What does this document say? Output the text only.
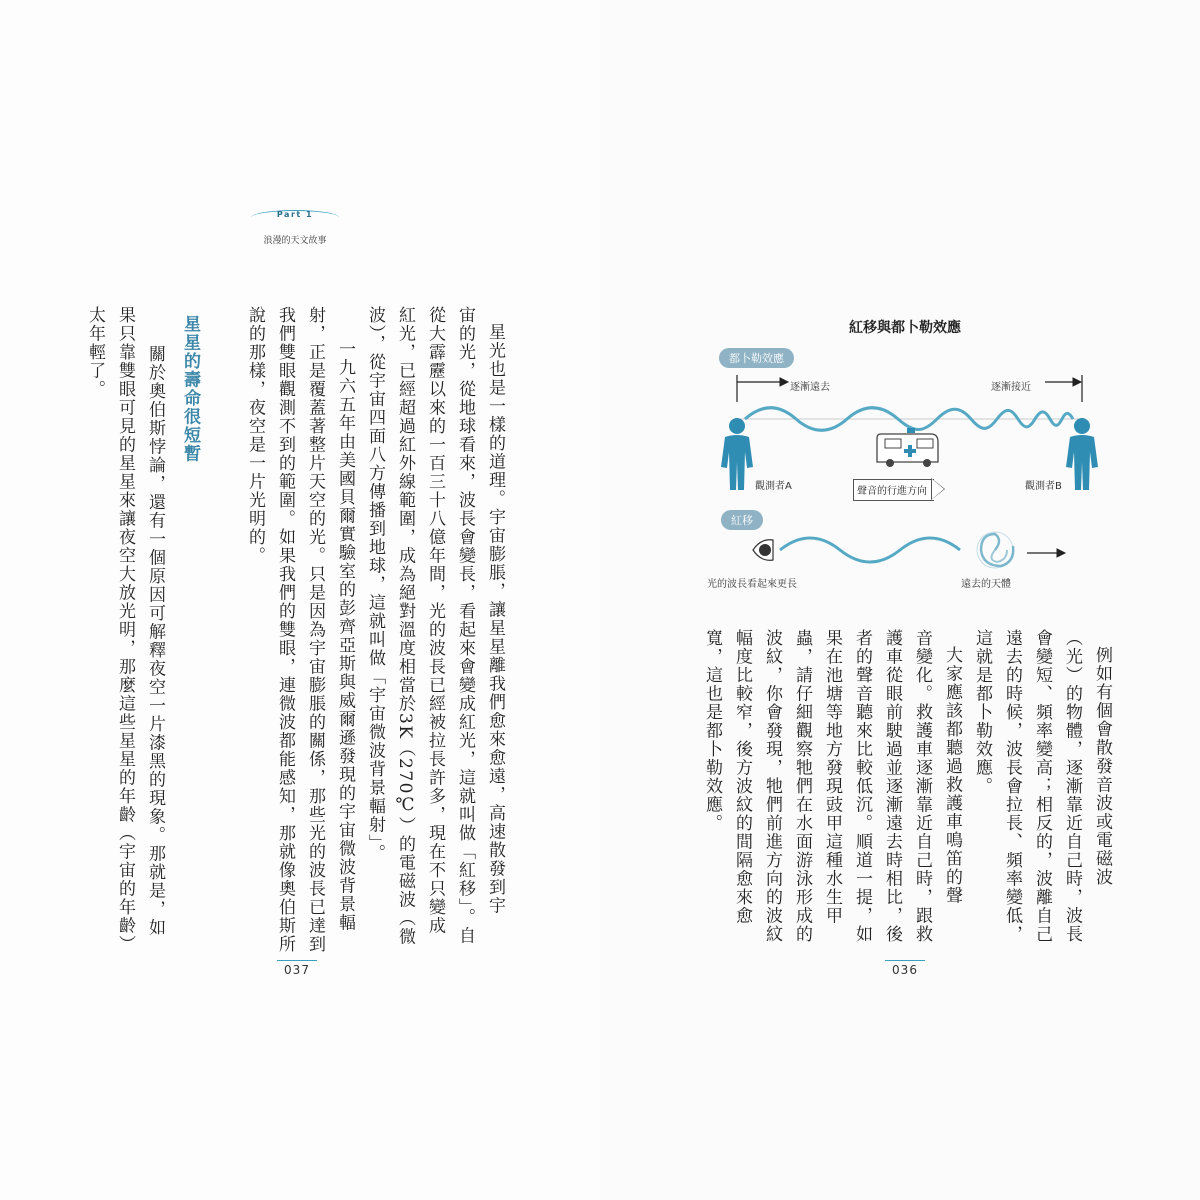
Part 1
浪漫的天文故事
星光也是一樣的道理。宇宙膨脹，讓星星離我們愈來愈遠，高速散發到宇
宙的光，從地球看來，波長會變長，看起來會變成紅光，這就叫做「紅移」。自
從大霹靂以來的一百三十八億年間，光的波長已經被拉長許多，現在不只變成
紅光，已經超過紅外線範圍，成為絕對溫度相當於3K（270℃）的電磁波（微
波），從宇宙四面八方傳播到地球，這就叫做「宇宙微波背景輻射」。
一九六五年由美國貝爾實驗室的彭齊亞斯與威爾遜發現的宇宙微波背景輻
射，正是覆蓋著整片天空的光。只是因為宇宙膨脹的關係，那些光的波長已達到
我們雙眼觀測不到的範圍。如果我們的雙眼，連微波都能感知，那就像奧伯斯所
說的那樣，夜空是一片光明的。
星星的壽命很短暫
關於奧伯斯悖論，還有一個原因可解釋夜空一片漆黑的現象。那就是，如
果只靠雙眼可見的星星來讓夜空大放光明，那麼這些星星的年齡（宇宙的年齡）
太年輕了。
037
例如有個會散發音波或電磁波
（光）的物體，逐漸靠近自己時，波長
會變短、頻率變高；相反的，波離自己
遠去的時候，波長會拉長、頻率變低，
這就是都卜勒效應。
大家應該都聽過救護車鳴笛的聲
音變化。救護車逐漸靠近自己時，跟救
護車從眼前駛過並逐漸遠去時相比，後
者的聲音聽來比較低沉。順道一提，如
果在池塘等地方發現豉甲這種水生甲
蟲，請仔細觀察牠們在水面游泳形成的
波紋，你會發現，牠們前進方向的波紋
幅度比較窄，後方波紋的間隔愈來愈
寬，這也是都卜勒效應。
036
紅移與都卜勒效應
都卜勒效應
逐漸遠去	逐漸接近
觀測者A	觀測者B
聲音的行進方向
紅移
光的波長看起來更長	遠去的天體
